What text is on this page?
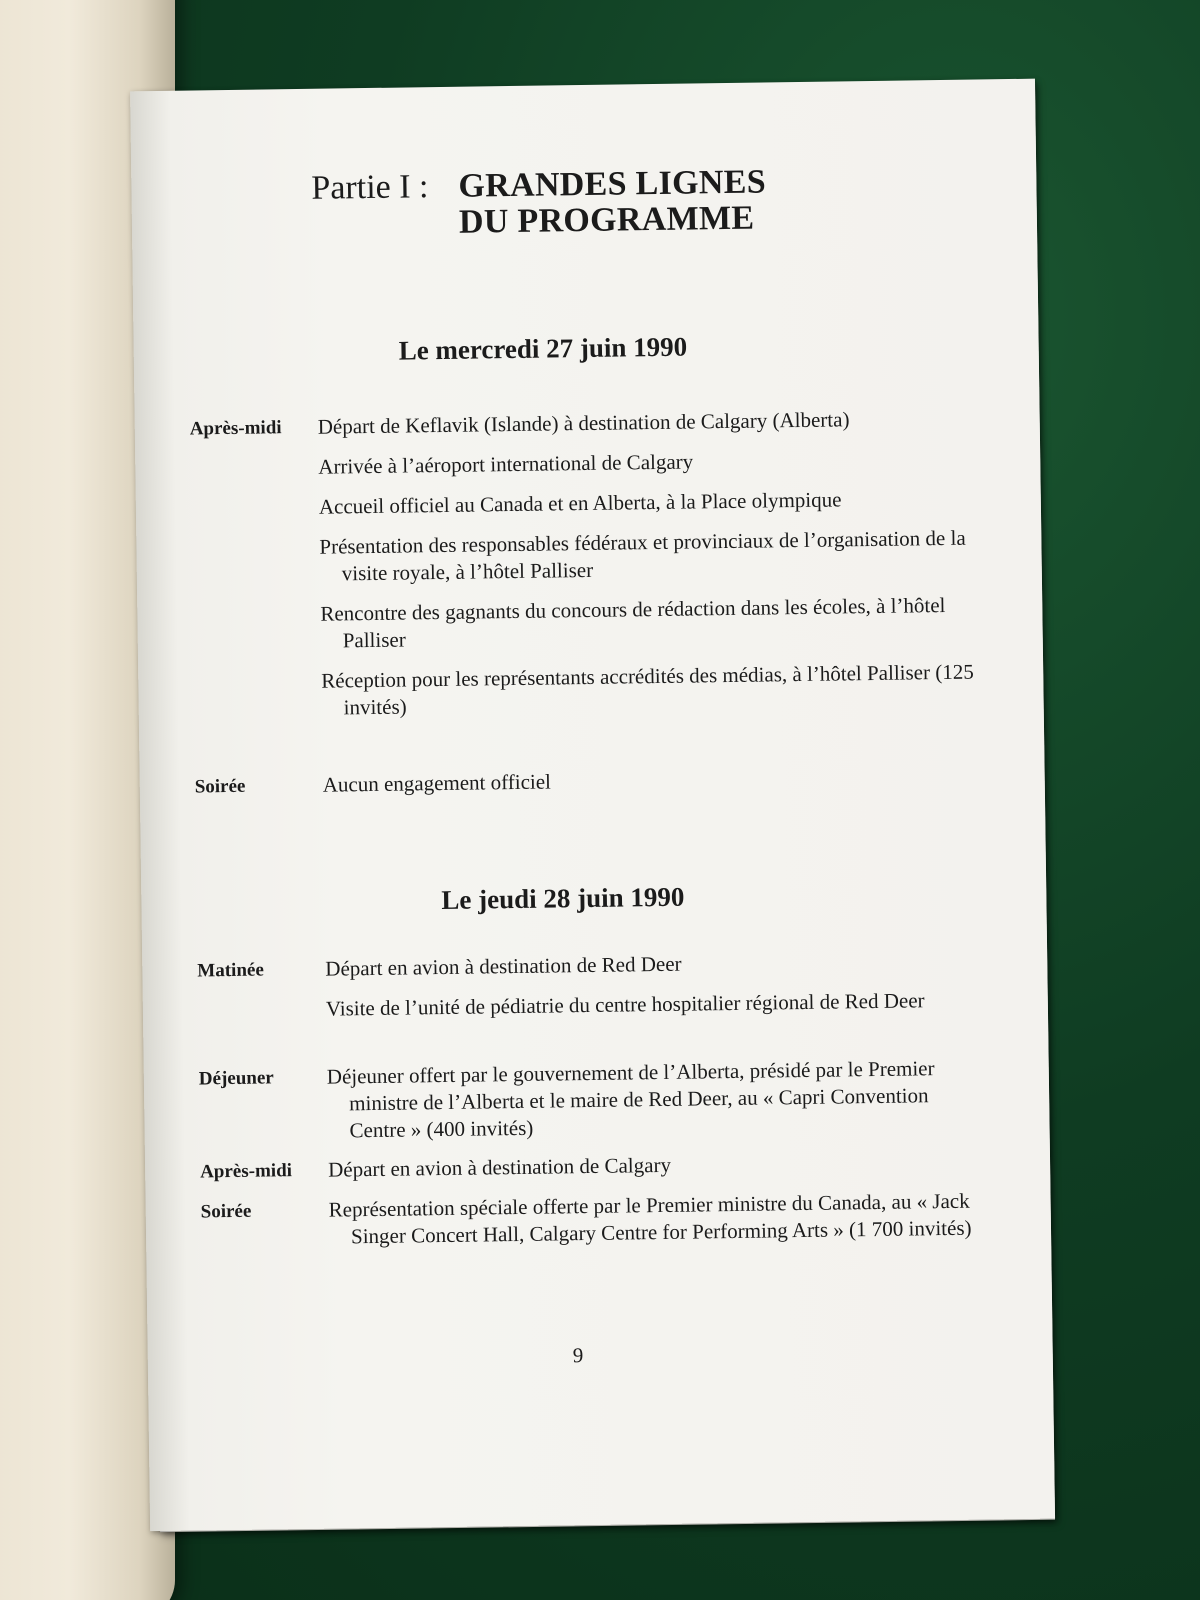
Partie I : GRANDES LIGNES
DU PROGRAMME
Le mercredi 27 juin 1990
Après-midi	Départ de Keflavik (Islande) à destination de Calgary (Alberta)
Arrivée à l’aéroport international de Calgary
Accueil officiel au Canada et en Alberta, à la Place olympique
Présentation des responsables fédéraux et provinciaux de l’organisation de la visite royale, à l’hôtel Palliser
Rencontre des gagnants du concours de rédaction dans les écoles, à l’hôtel Palliser
Réception pour les représentants accrédités des médias, à l’hôtel Palliser (125 invités)
Soirée	Aucun engagement officiel
Le jeudi 28 juin 1990
Matinée	Départ en avion à destination de Red Deer
Visite de l’unité de pédiatrie du centre hospitalier régional de Red Deer
Déjeuner	Déjeuner offert par le gouvernement de l’Alberta, présidé par le Premier ministre de l’Alberta et le maire de Red Deer, au « Capri Convention Centre » (400 invités)
Après-midi	Départ en avion à destination de Calgary
Soirée	Représentation spéciale offerte par le Premier ministre du Canada, au « Jack Singer Concert Hall, Calgary Centre for Performing Arts » (1 700 invités)
9
